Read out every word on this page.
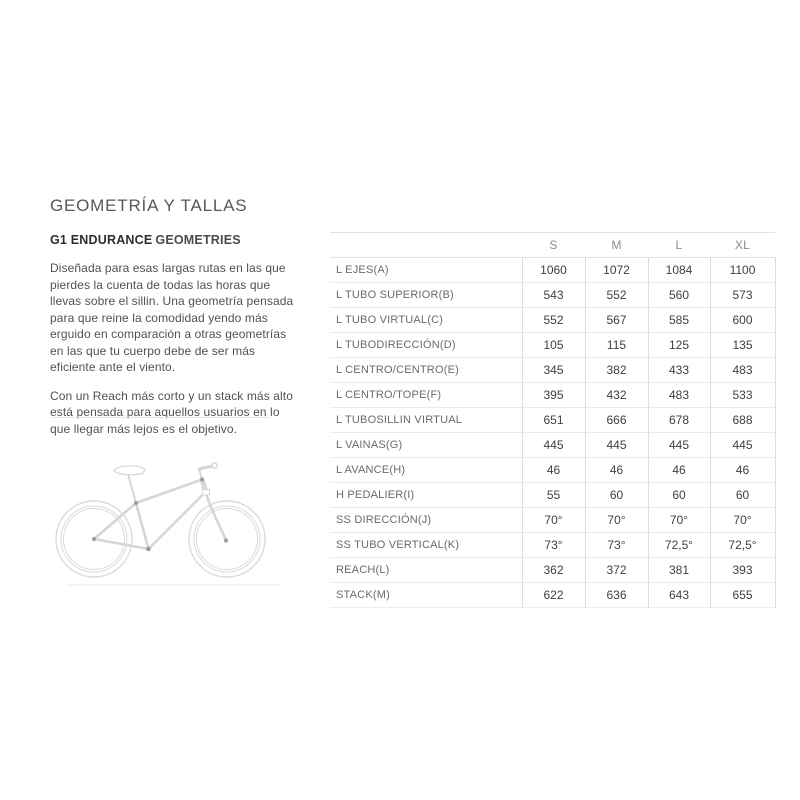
GEOMETRÍA Y TALLAS
G1 ENDURANCE GEOMETRIES

Diseñada para esas largas rutas en las que pierdes la cuenta de todas las horas que llevas sobre el sillin. Una geometría pensada para que reine la comodidad yendo más erguido en comparación a otras geometrías en las que tu cuerpo debe de ser más eficiente ante el viento.

Con un Reach más corto y un stack más alto está pensada para aquellos usuarios en lo que llegar más lejos es el objetivo.

	S	M	L	XL
L EJES(A)	1060	1072	1084	1100
L TUBO SUPERIOR(B)	543	552	560	573
L TUBO VIRTUAL(C)	552	567	585	600
L TUBODIRECCIÓN(D)	105	115	125	135
L CENTRO/CENTRO(E)	345	382	433	483
L CENTRO/TOPE(F)	395	432	483	533
L TUBOSILLIN VIRTUAL	651	666	678	688
L VAINAS(G)	445	445	445	445
L AVANCE(H)	46	46	46	46
H PEDALIER(I)	55	60	60	60
SS DIRECCIÓN(J)	70°	70°	70°	70°
SS TUBO VERTICAL(K)	73°	73°	72,5°	72,5°
REACH(L)	362	372	381	393
STACK(M)	622	636	643	655
